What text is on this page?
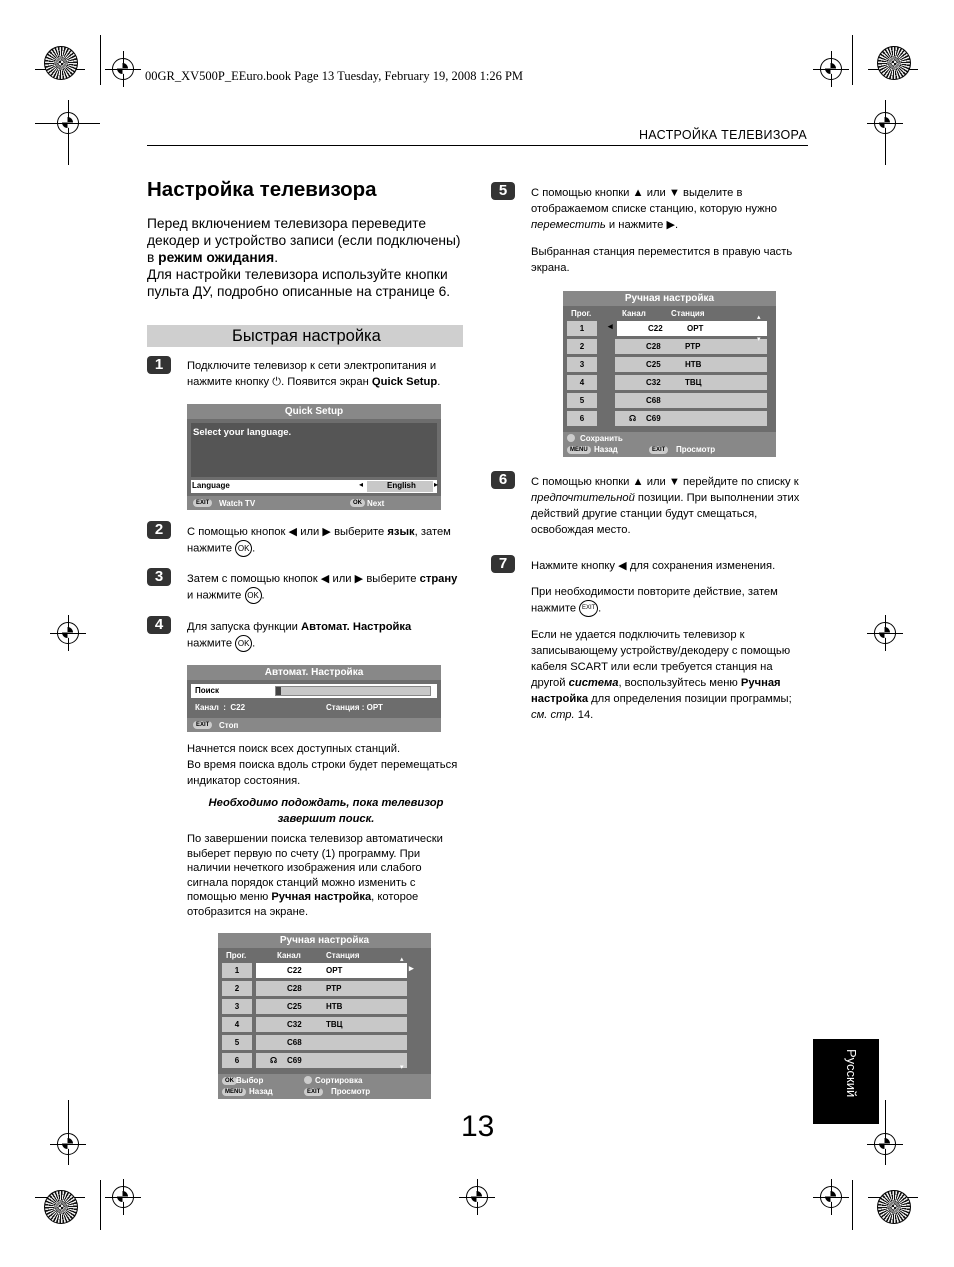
00GR_XV500P_EEuro.book Page 13 Tuesday, February 19, 2008 1:26 PM
НАСТРОЙКА ТЕЛЕВИЗОРА
Настройка телевизора
Перед включением телевизора переведите декодер и устройство записи (если подключены) в режим ожидания.
Для настройки телевизора используйте кнопки пульта ДУ, подробно описанные на странице 6.
Быстрая настройка
1	Подключите телевизор к сети электропитания и нажмите кнопку ⏻. Появится экран Quick Setup.
Quick Setup
Select your language.
Language	◂	English ▸
EXIT	Watch TV	OK Next
2	С помощью кнопок ◀ или ▶ выберите язык, затем нажмите OK .
3	Затем с помощью кнопок ◀ или ▶ выберите страну и нажмите OK .
4	Для запуска функции Автомат. Настройка
нажмите OK .
Автомат. Настройка
Поиск
Канал  :  C22	Станция : ОРТ
EXIT	Стоп
Начнется поиск всех доступных станций.
Во время поиска вдоль строки будет перемещаться индикатор состояния.
Необходимо подождать, пока телевизор завершит поиск.
По завершении поиска телевизор автоматически выберет первую по счету (1) программу. При наличии нечеткого изображения или слабого сигнала порядок станций можно изменить с помощью меню Ручная настройка, которое отобразится на экране.
Ручная настройка
Прог.	Канал	Станция	▴
1	C22	ОРТ	▸
2	C28	РТР
3	C25	НТВ
4	C32	ТВЦ
5	C68
6	☊ C69
▾
OK Выбор	Сортировка
MENU Назад	EXIT	Просмотр
5	С помощью кнопки ▲ или ▼ выделите в отображаемом списке станцию, которую нужно переместить и нажмите ▶.
Выбранная станция переместится в правую часть экрана.
Ручная настройка
Прог.	Канал	Станция	▴
1	C22	ОРТ
◂
2	C28	РТР
3	C25	НТВ
4	C32	ТВЦ
5	C68
6	☊ C69
▾
Сохранить
MENU Назад	EXIT	Просмотр
6	С помощью кнопки ▲ или ▼ перейдите по списку к предпочтительной позиции. При выполнении этих действий другие станции будут смещаться, освобождая место.
7	Нажмите кнопку ◀ для сохранения изменения.
При необходимости повторите действие, затем нажмите EXIT .
Если не удается подключить телевизор к записывающему устройству/декодеру с помощью кабеля SCART или если требуется станция на другой система, воспользуйтесь меню Ручная настройка для определения позиции программы; см. стр. 14.
Русский
13
